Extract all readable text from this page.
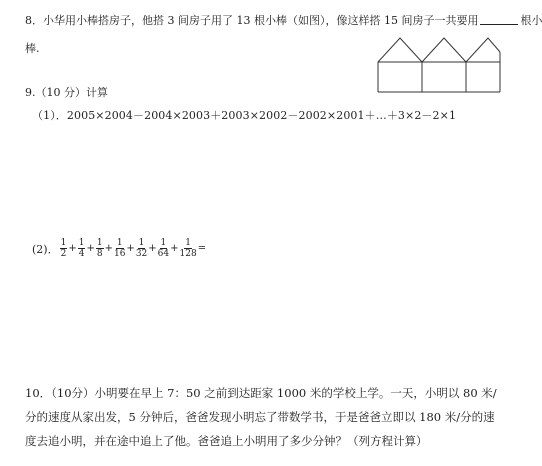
8．小华用小棒搭房子，他搭 3 间房子用了 13 根小棒（如图），像这样搭 15 间房子一共要用	根小
棒.
9.（10 分）计算
（1）．2005×2004－2004×2003＋2003×2002－2002×2001＋…＋3×2－2×1
(2)． $\frac{1}{2} + \frac{1}{4} + \frac{1}{8} + \frac{1}{16} + \frac{1}{32} + \frac{1}{64} + \frac{1}{128}$ =
10．（10分）小明要在早上 7：50 之前到达距家 1000 米的学校上学。一天，小明以 80 米/分的速度从家出发，5 分钟后，爸爸发现小明忘了带数学书，于是爸爸立即以 180 米/分的速度去追小明，并在途中追上了他。爸爸追上小明用了多少分钟？（列方程计算）
